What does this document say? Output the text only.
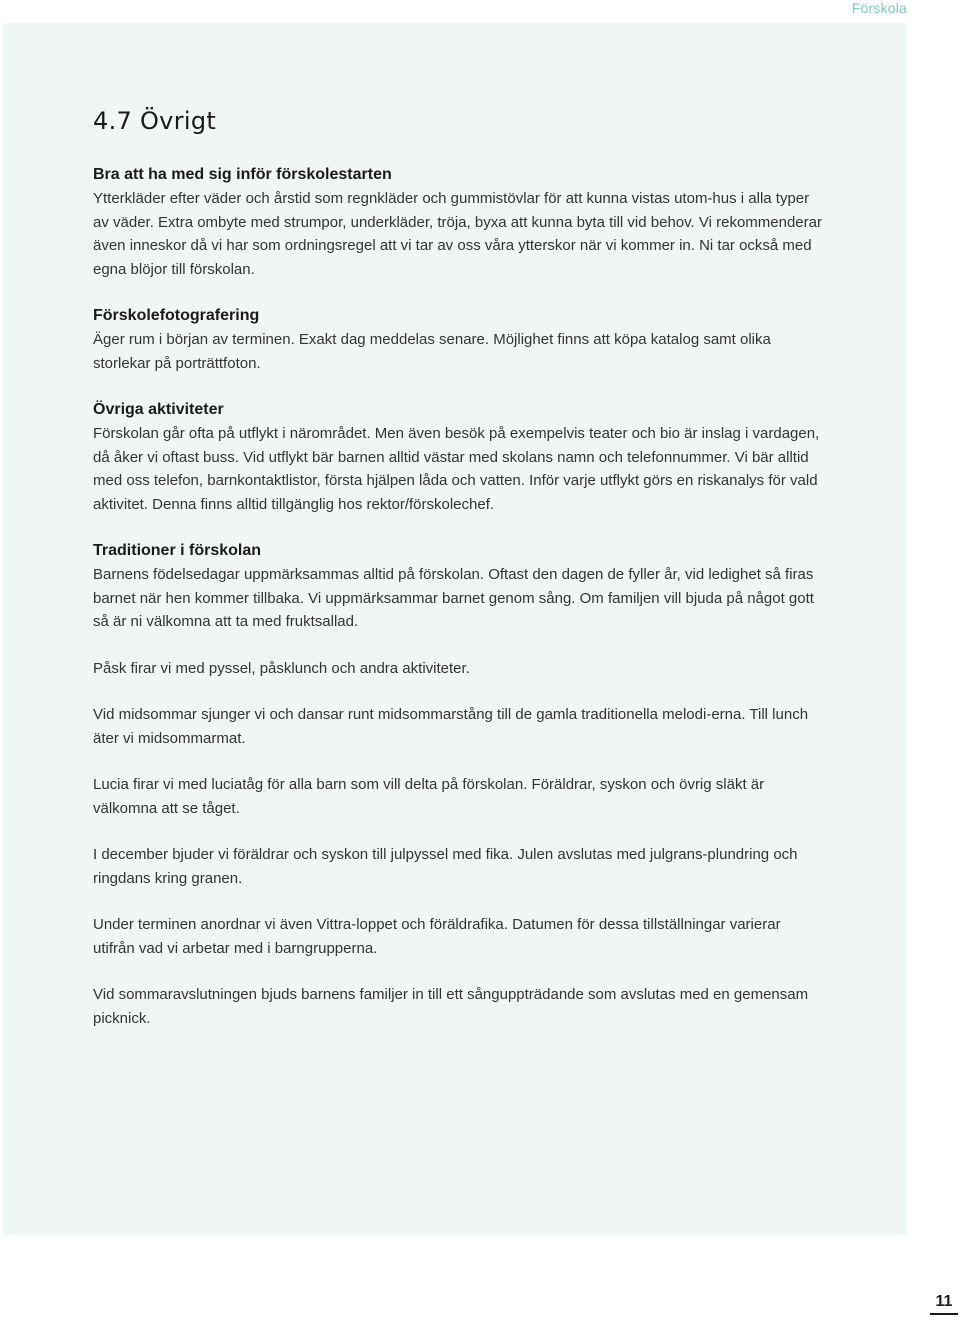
Förskola
4.7 Övrigt
Bra att ha med sig inför förskolestarten

Ytterkläder efter väder och årstid som regnkläder och gummistövlar för att kunna vistas utom-hus i alla typer av väder. Extra ombyte med strumpor, underkläder, tröja, byxa att kunna byta till vid behov. Vi rekommenderar även inneskor då vi har som ordningsregel att vi tar av oss våra ytterskor när vi kommer in. Ni tar också med egna blöjor till förskolan.

Förskolefotografering

Äger rum i början av terminen. Exakt dag meddelas senare. Möjlighet finns att köpa katalog samt olika storlekar på porträttfoton.

Övriga aktiviteter

Förskolan går ofta på utflykt i närområdet. Men även besök på exempelvis teater och bio är inslag i vardagen, då åker vi oftast buss. Vid utflykt bär barnen alltid västar med skolans namn och telefonnummer. Vi bär alltid med oss telefon, barnkontaktlistor, första hjälpen låda och vatten. Inför varje utflykt görs en riskanalys för vald aktivitet. Denna finns alltid tillgänglig hos rektor/förskolechef.

Traditioner i förskolan

Barnens födelsedagar uppmärksammas alltid på förskolan. Oftast den dagen de fyller år, vid ledighet så firas barnet när hen kommer tillbaka. Vi uppmärksammar barnet genom sång. Om familjen vill bjuda på något gott så är ni välkomna att ta med fruktsallad.

Påsk firar vi med pyssel, påsklunch och andra aktiviteter.

Vid midsommar sjunger vi och dansar runt midsommarstång till de gamla traditionella melodi-erna. Till lunch äter vi midsommarmat.

Lucia firar vi med luciatåg för alla barn som vill delta på förskolan. Föräldrar, syskon och övrig släkt är välkomna att se tåget.

I december bjuder vi föräldrar och syskon till julpyssel med fika. Julen avslutas med julgrans-plundring och ringdans kring granen.

Under terminen anordnar vi även Vittra-loppet och föräldrafika. Datumen för dessa tillställningar varierar utifrån vad vi arbetar med i barngrupperna.

Vid sommaravslutningen bjuds barnens familjer in till ett sånguppträdande som avslutas med en gemensam picknick.

11
